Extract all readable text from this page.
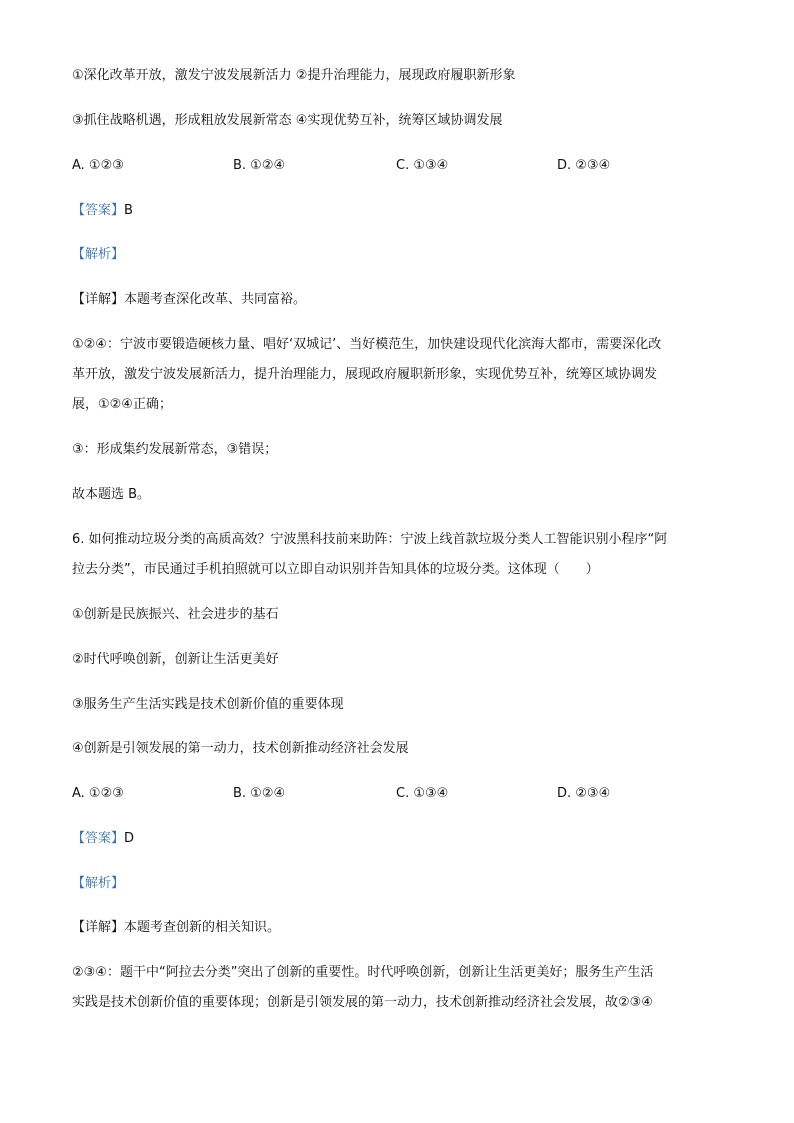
①深化改革开放，激发宁波发展新活力 ②提升治理能力，展现政府履职新形象
③抓住战略机遇，形成粗放发展新常态 ④实现优势互补，统筹区域协调发展
A. ①②③	B. ①②④	C. ①③④	D. ②③④
【答案】B
【解析】
【详解】本题考查深化改革、共同富裕。
①②④：宁波市要锻造硬核力量、唱好‘双城记’、当好模范生，加快建设现代化滨海大都市，需要深化改
革开放，激发宁波发展新活力，提升治理能力，展现政府履职新形象，实现优势互补，统筹区域协调发
展，①②④正确；
③：形成集约发展新常态，③错误；
故本题选 B。
6. 如何推动垃圾分类的高质高效？宁波黑科技前来助阵：宁波上线首款垃圾分类人工智能识别小程序“阿
拉去分类”，市民通过手机拍照就可以立即自动识别并告知具体的垃圾分类。这体现（　　）
①创新是民族振兴、社会进步的基石
②时代呼唤创新，创新让生活更美好
③服务生产生活实践是技术创新价值的重要体现
④创新是引领发展的第一动力，技术创新推动经济社会发展
A. ①②③	B. ①②④	C. ①③④	D. ②③④
【答案】D
【解析】
【详解】本题考查创新的相关知识。
②③④：题干中“阿拉去分类”突出了创新的重要性。时代呼唤创新，创新让生活更美好；服务生产生活
实践是技术创新价值的重要体现；创新是引领发展的第一动力，技术创新推动经济社会发展，故②③④
